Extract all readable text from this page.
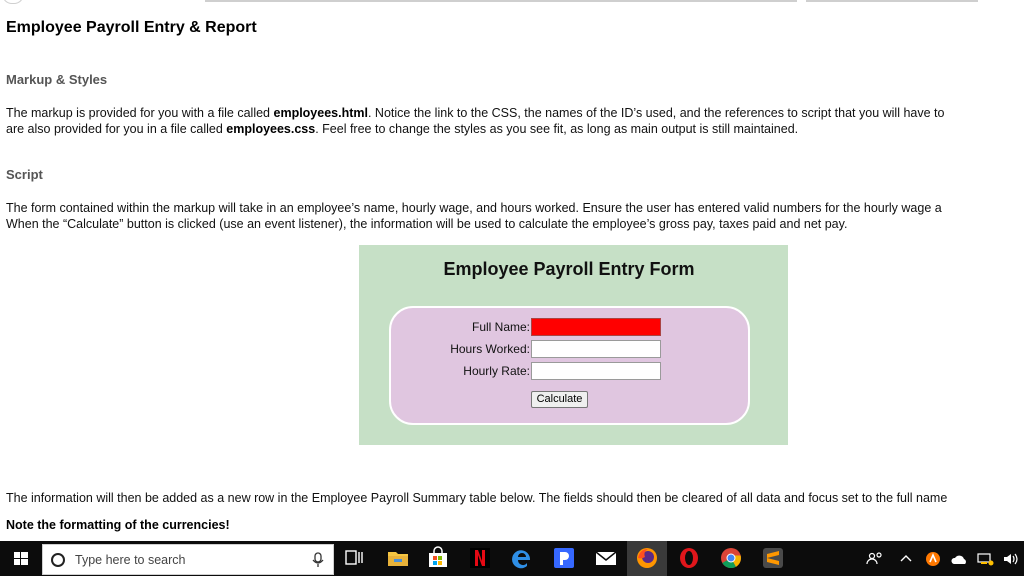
Employee Payroll Entry & Report
Markup & Styles
The markup is provided for you with a file called employees.html. Notice the link to the CSS, the names of the ID’s used, and the references to script that you will have to
are also provided for you in a file called employees.css. Feel free to change the styles as you see fit, as long as main output is still maintained.
Script
The form contained within the markup will take in an employee’s name, hourly wage, and hours worked. Ensure the user has entered valid numbers for the hourly wage a
When the “Calculate” button is clicked (use an event listener), the information will be used to calculate the employee’s gross pay, taxes paid and net pay.
Employee Payroll Entry Form
Full Name:
Hours Worked:
Hourly Rate:
Calculate
The information will then be added as a new row in the Employee Payroll Summary table below. The fields should then be cleared of all data and focus set to the full name
Note the formatting of the currencies!
Type here to search
